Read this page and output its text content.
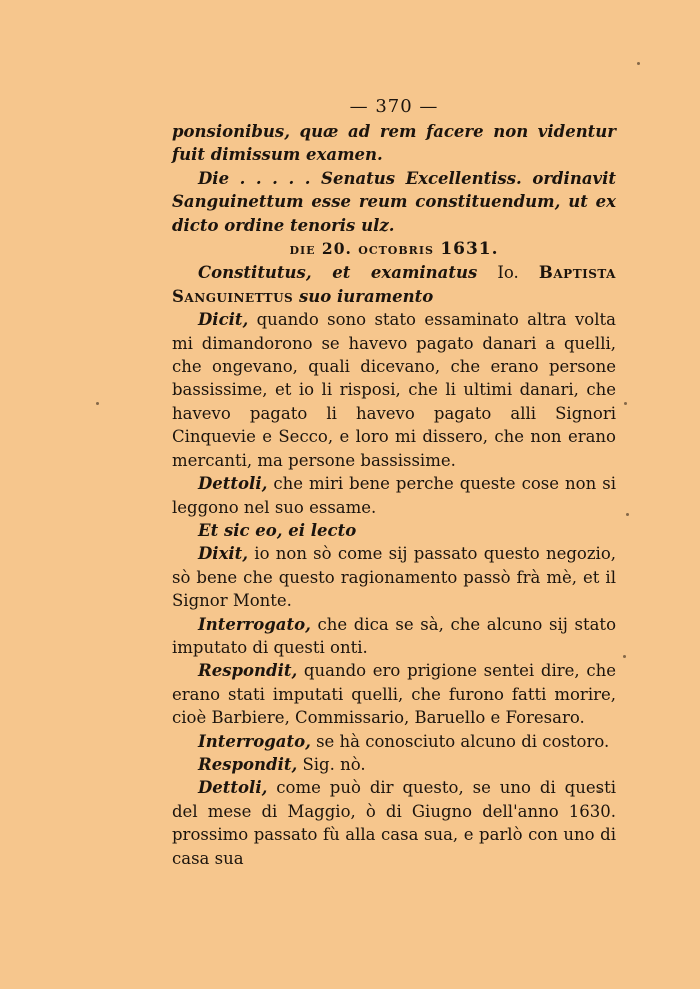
— 370 —

ponsionibus, quæ ad rem facere non videntur fuit dimissum examen.

Die . . . . . Senatus Excellentiss. ordinavit Sanguinettum esse reum constituendum, ut ex dicto ordine tenoris ulz.

die 20. octobris 1631.

Constitutus, et examinatus Io. Baptista Sanguinettus suo iuramento

Dicit, quando sono stato essaminato altra volta mi dimandorono se havevo pagato danari a quelli, che ongevano, quali dicevano, che erano persone bassissime, et io li risposi, che li ultimi danari, che havevo pagato li havevo pagato alli Signori Cinquevie e Secco, e loro mi dissero, che non erano mercanti, ma persone bassissime.

Dettoli, che miri bene perche queste cose non si leggono nel suo essame.

Et sic eo, ei lecto

Dixit, io non sò come sij passato questo negozio, sò bene che questo ragionamento passò frà mè, et il Signor Monte.

Interrogato, che dica se sà, che alcuno sij stato imputato di questi onti.

Respondit, quando ero prigione sentei dire, che erano stati imputati quelli, che furono fatti morire, cioè Barbiere, Commissario, Baruello e Foresaro.

Interrogato, se hà conosciuto alcuno di costoro.

Respondit, Sig. nò.

Dettoli, come può dir questo, se uno di questi del mese di Maggio, ò di Giugno dell'anno 1630. prossimo passato fù alla casa sua, e parlò con uno di casa sua
